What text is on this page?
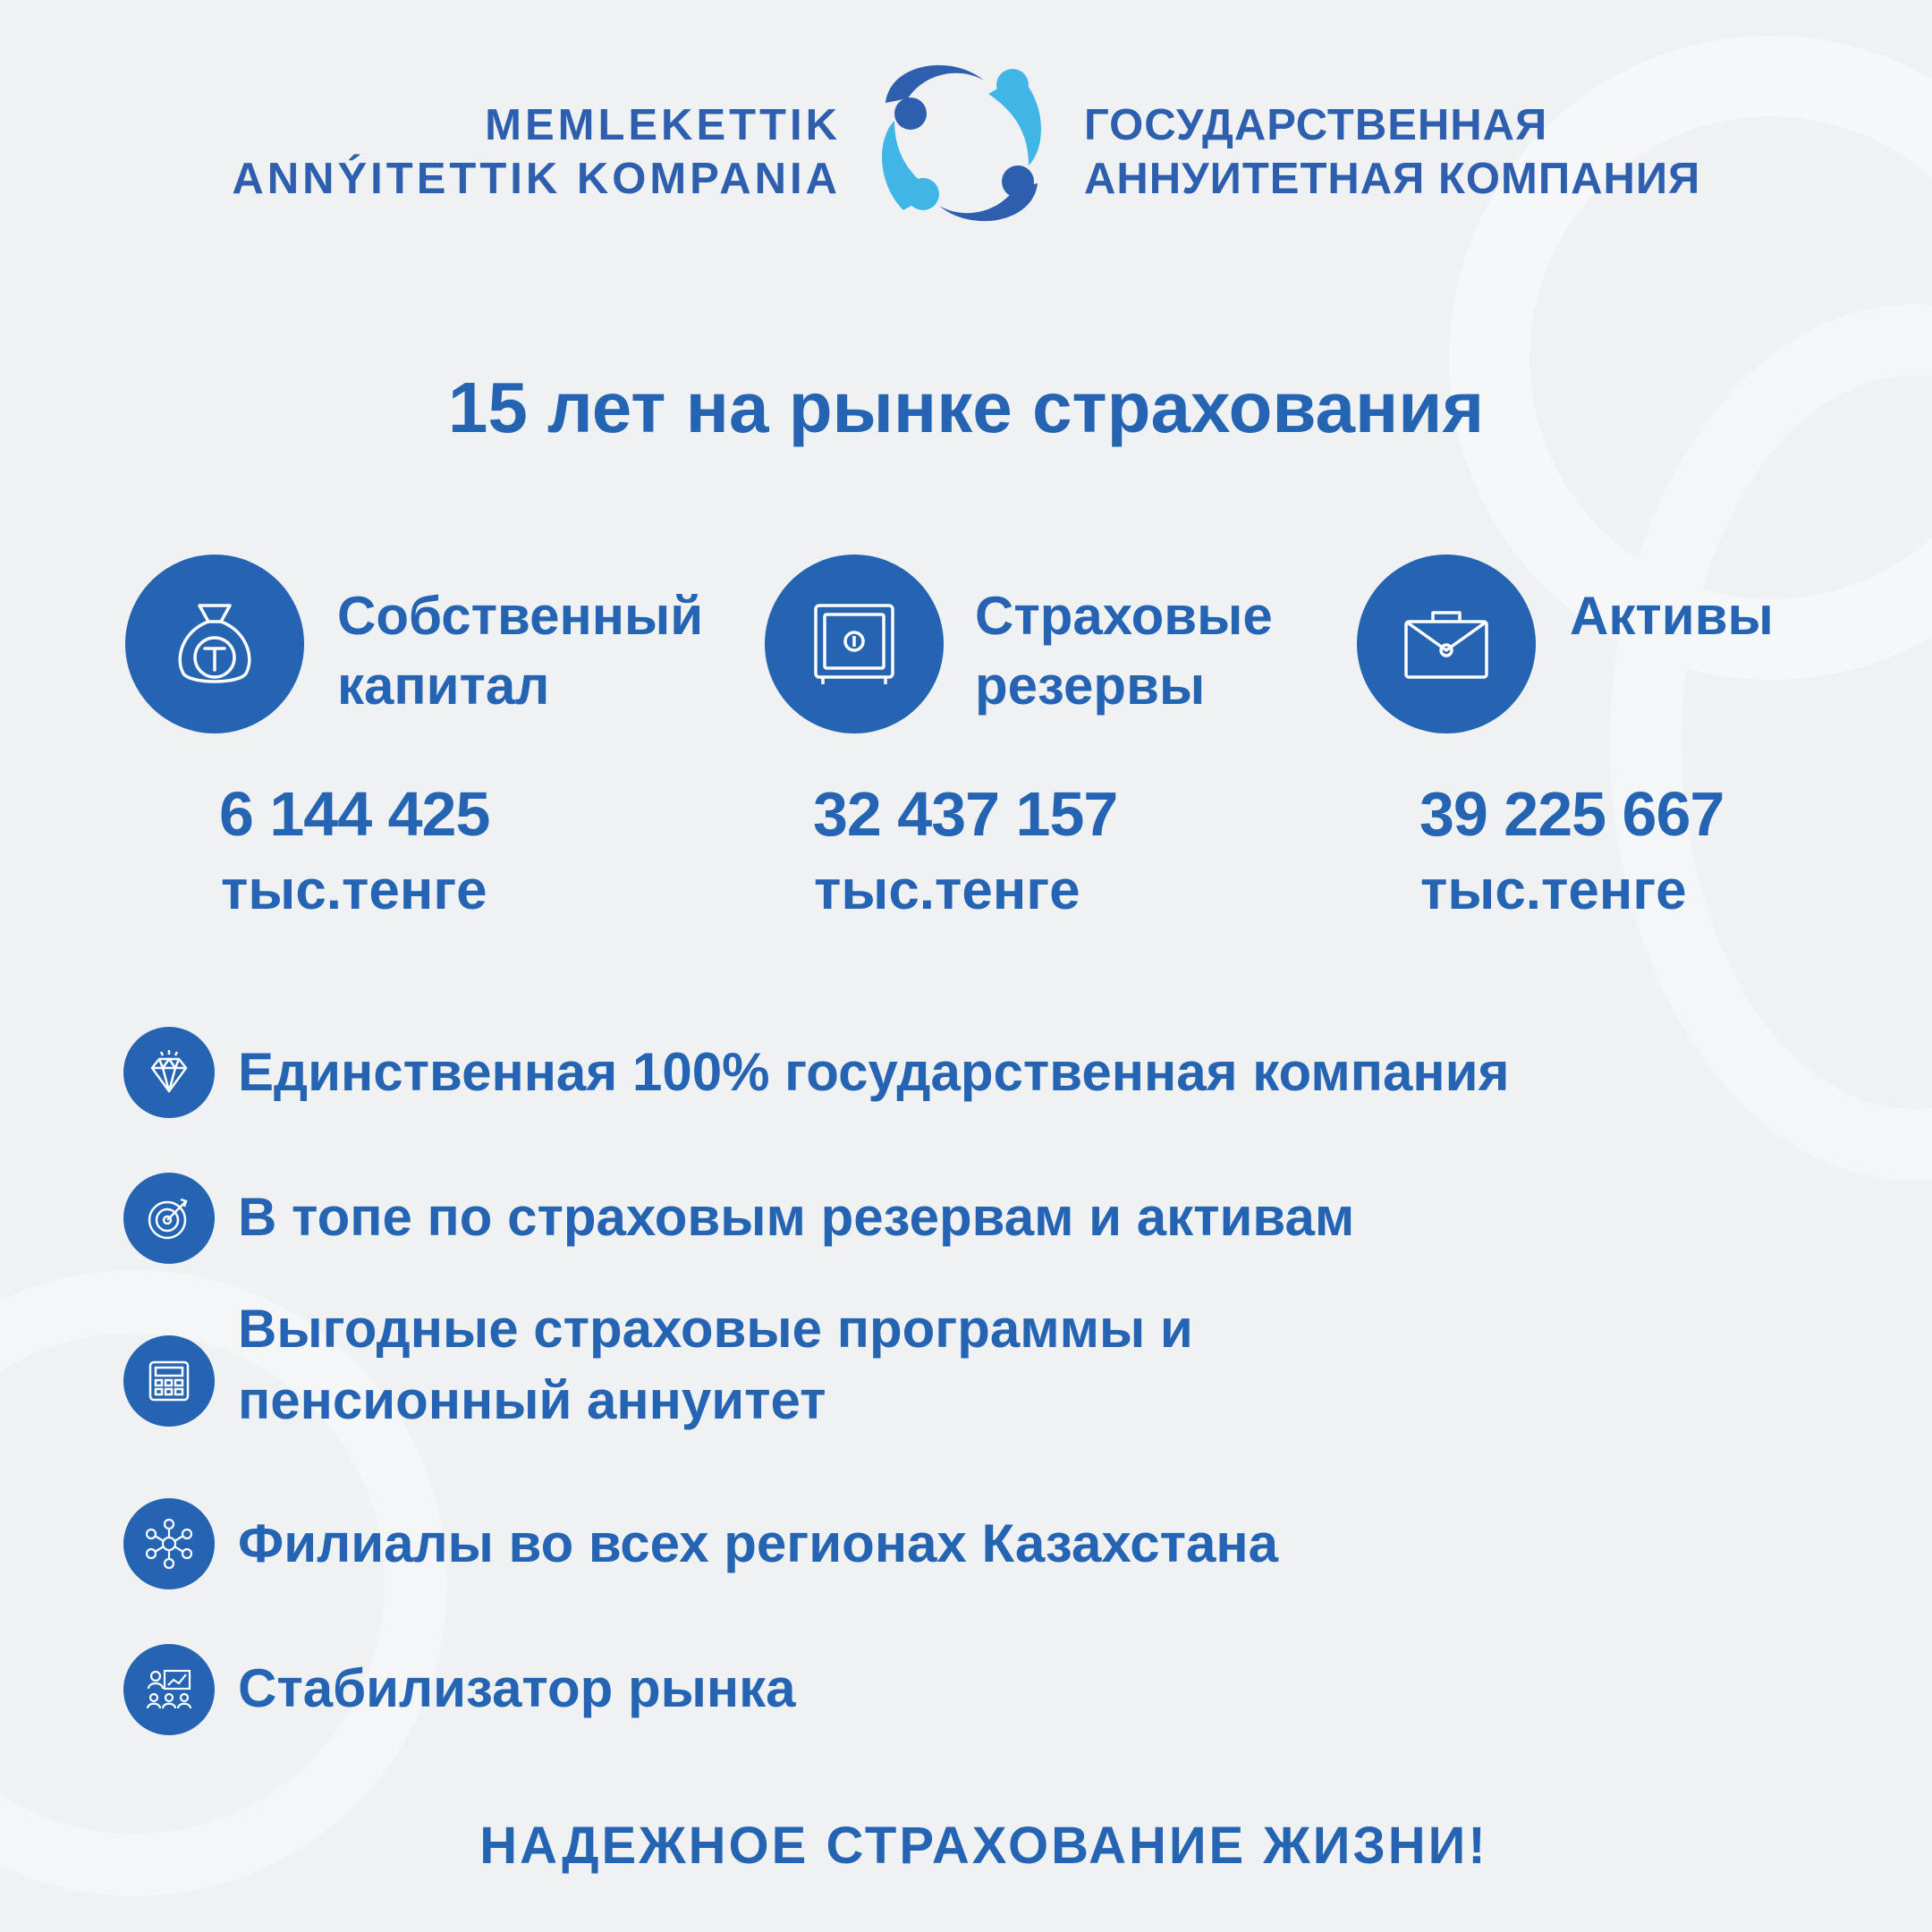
MEMLEKETTIK
ANNÝITETTIK KOMPANIA
ГОСУДАРСТВЕННАЯ
АННУИТЕТНАЯ КОМПАНИЯ
15 лет на рынке страхования
Собственный
капитал
6 144 425
тыс.тенге
Страховые
резервы
32 437 157
тыс.тенге
Активы
39 225 667
тыс.тенге
Единственная 100% государственная компания
В топе по страховым резервам и активам
Выгодные страховые программы и
пенсионный аннуитет
Филиалы во всех регионах Казахстана
Стабилизатор рынка
НАДЕЖНОЕ СТРАХОВАНИЕ ЖИЗНИ!
